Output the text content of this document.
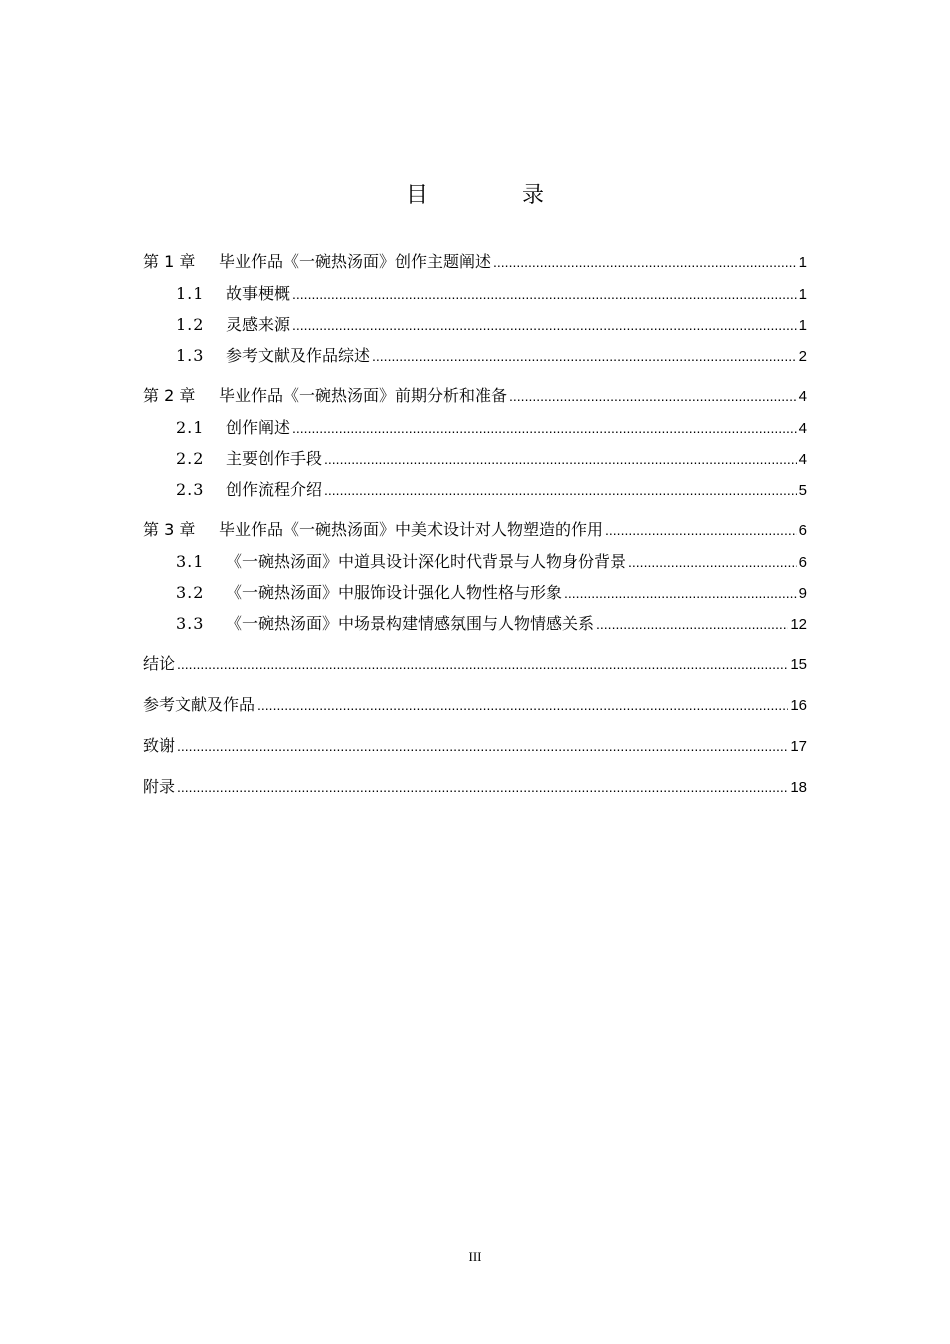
目　录
第 1 章	毕业作品《一碗热汤面》创作主题阐述 .....	1
1.1	故事梗概 .....	1
1.2	灵感来源 .....	1
1.3	参考文献及作品综述 .....	2
第 2 章	毕业作品《一碗热汤面》前期分析和准备 .....	4
2.1	创作阐述 .....	4
2.2	主要创作手段 .....	4
2.3	创作流程介绍 .....	5
第 3 章	毕业作品《一碗热汤面》中美术设计对人物塑造的作用 .....	6
3.1	《一碗热汤面》中道具设计深化时代背景与人物身份背景 .....	6
3.2	《一碗热汤面》中服饰设计强化人物性格与形象 .....	9
3.3	《一碗热汤面》中场景构建情感氛围与人物情感关系 .....	12
结论 .....	15
参考文献及作品 .....	16
致谢 .....	17
附录 .....	18
III
